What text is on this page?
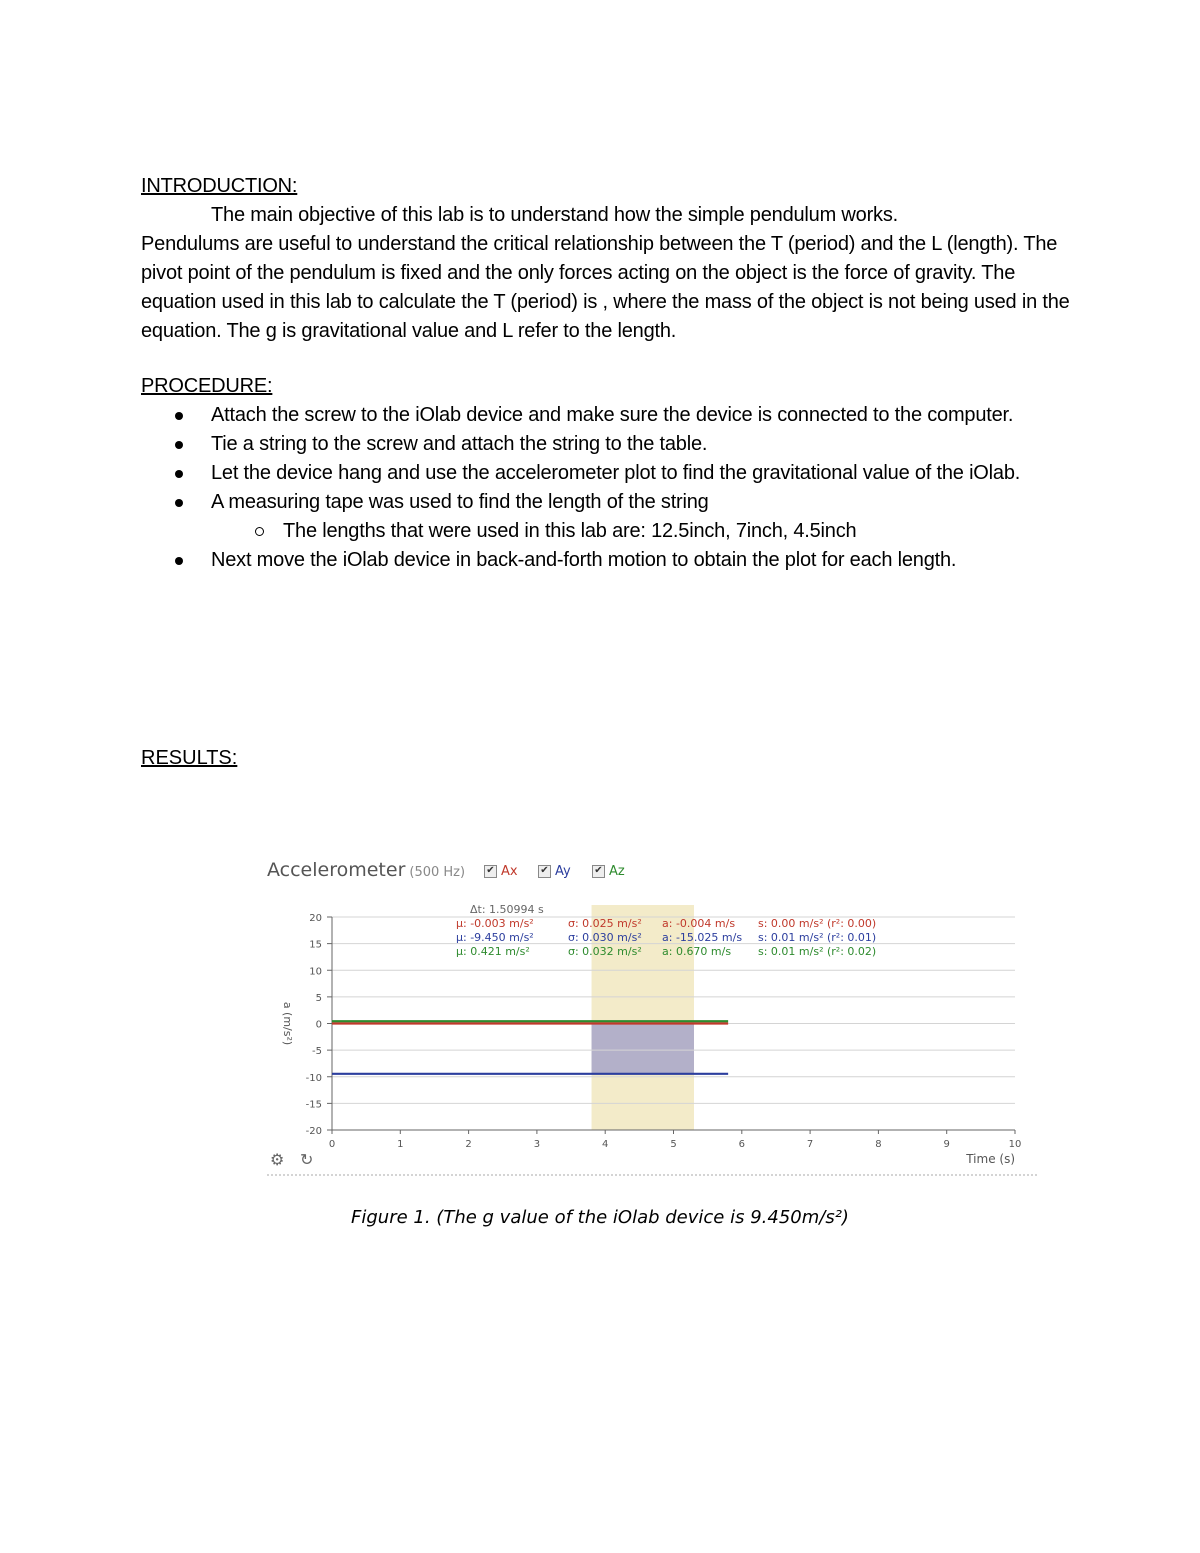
INTRODUCTION:

The main objective of this lab is to understand how the simple pendulum works.
Pendulums are useful to understand the critical relationship between the T (period) and the L (length). The pivot point of the pendulum is fixed and the only forces acting on the object is the force of gravity. The equation used in this lab to calculate the T (period) is , where the mass of the object is not being used in the equation. The g is gravitational value and L refer to the length.

PROCEDURE:

Attach the screw to the iOlab device and make sure the device is connected to the computer.
Tie a string to the screw and attach the string to the table.
Let the device hang and use the accelerometer plot to find the gravitational value of the iOlab.
A measuring tape was used to find the length of the string
The lengths that were used in this lab are: 12.5inch, 7inch, 4.5inch
Next move the iOlab device in back-and-forth motion to obtain the plot for each length.
RESULTS:
Accelerometer (500 Hz) ✔ Ax ✔ Ay ✔ Az
20
15
10
5
0
-5
-10
-15
-20
0	1	2	3	4	5	6	7	8	9	10
Time (s)
a (m/s²)
Δt: 1.50994 s
µ: -0.003 m/s²	σ: 0.025 m/s² a: -0.004 m/s s: 0.00 m/s² (r²: 0.00)
µ: -9.450 m/s²	σ: 0.030 m/s² a: -15.025 m/s s: 0.01 m/s² (r²: 0.01)
µ: 0.421 m/s²	σ: 0.032 m/s² a: 0.670 m/s s: 0.01 m/s² (r²: 0.02)
⚙ ↻
Figure 1. (The g value of the iOlab device is 9.450m/s²)
